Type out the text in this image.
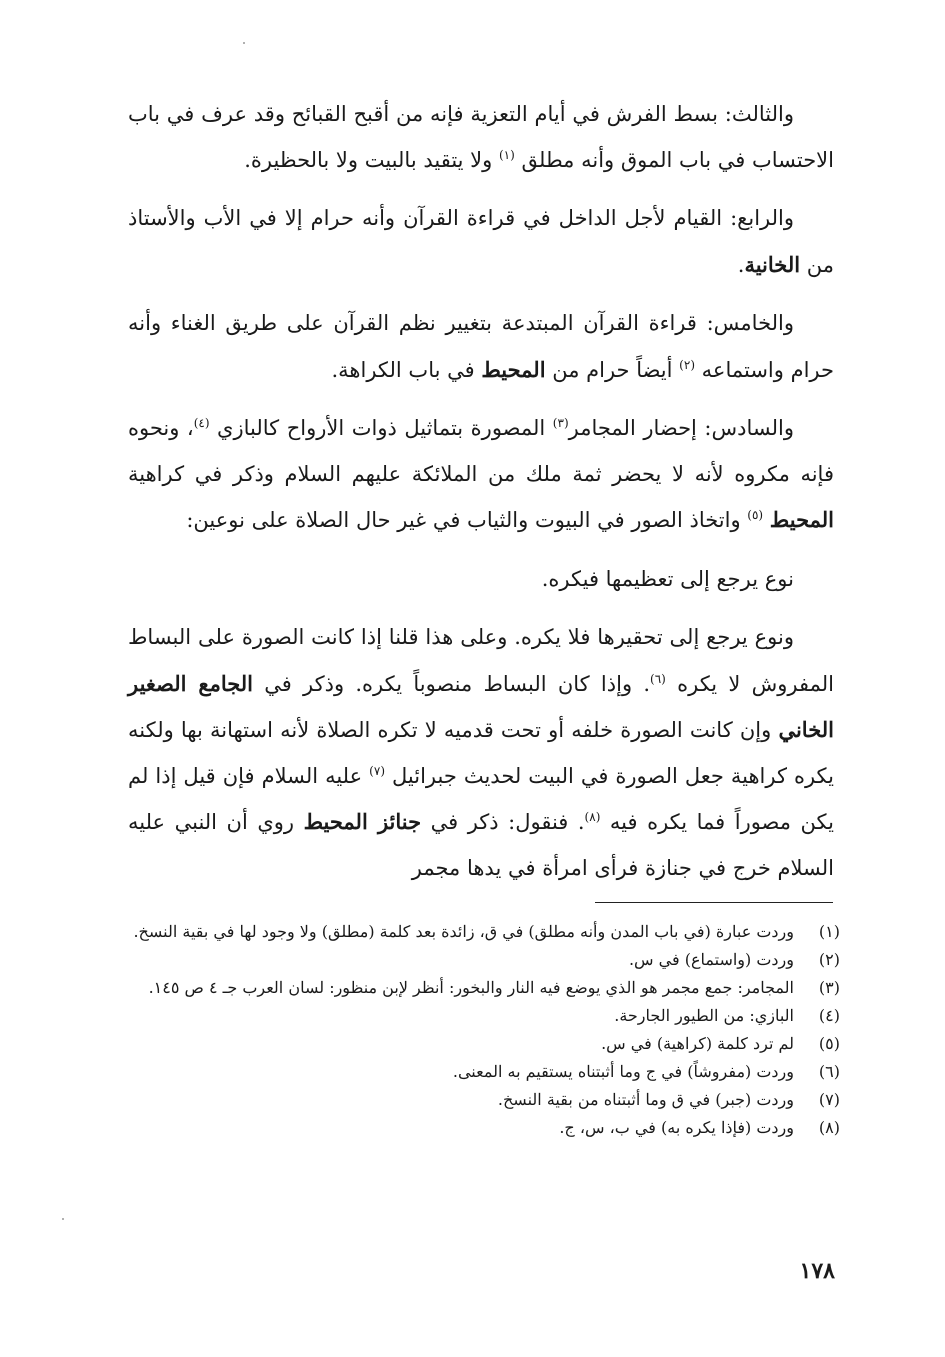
والثالث: بسط الفرش في أيام التعزية فإنه من أقبح القبائح وقد عرف في باب الاحتساب في باب الموق وأنه مطلق $^{(١)}$ ولا يتقيد بالبيت ولا بالحظيرة.

والرابع: القيام لأجل الداخل في قراءة القرآن وأنه حرام إلا في الأب والأستاذ من الخانية.

والخامس: قراءة القرآن المبتدعة بتغيير نظم القرآن على طريق الغناء وأنه حرام واستماعه $^{(٢)}$ أيضاً حرام من المحيط في باب الكراهة.

والسادس: إحضار المجامر$^{(٣)}$ المصورة بتماثيل ذوات الأرواح كالبازي $^{(٤)}$، ونحوه فإنه مكروه لأنه لا يحضر ثمة ملك من الملائكة عليهم السلام وذكر في كراهية المحيط $^{(٥)}$ واتخاذ الصور في البيوت والثياب في غير حال الصلاة على نوعين:

نوع يرجع إلى تعظيمها فيكره.

ونوع يرجع إلى تحقيرها فلا يكره. وعلى هذا قلنا إذا كانت الصورة على البساط المفروش لا يكره $^{(٦)}$. وإذا كان البساط منصوباً يكره. وذكر في الجامع الصغير الخاني وإن كانت الصورة خلفه أو تحت قدميه لا تكره الصلاة لأنه استهانة بها ولكنه يكره كراهية جعل الصورة في البيت لحديث جبرائيل $^{(٧)}$ عليه السلام فإن قيل إذا لم يكن مصوراً فما يكره فيه $^{(٨)}$. فنقول: ذكر في جنائز المحيط روي أن النبي عليه السلام خرج في جنازة فرأى امرأة في يدها مجمر

(١)
وردت عبارة (في باب المدن وأنه مطلق) في ق، زائدة بعد كلمة (مطلق) ولا وجود لها في بقية النسخ.
(٢)
وردت (واستماع) في س.
(٣)
المجامر: جمع مجمر هو الذي يوضع فيه النار والبخور: أنظر لإبن منظور: لسان العرب جـ ٤ ص ١٤٥.
(٤)
البازي: من الطيور الجارحة.
(٥)
لم ترد كلمة (كراهية) في س.
(٦)
وردت (مفروشاً) في ج وما أثبتناه يستقيم به المعنى.
(٧)
وردت (جبر) في ق وما أثبتناه من بقية النسخ.
(٨)
وردت (فإذا يكره به) في ب، س، ج.
١٧٨
